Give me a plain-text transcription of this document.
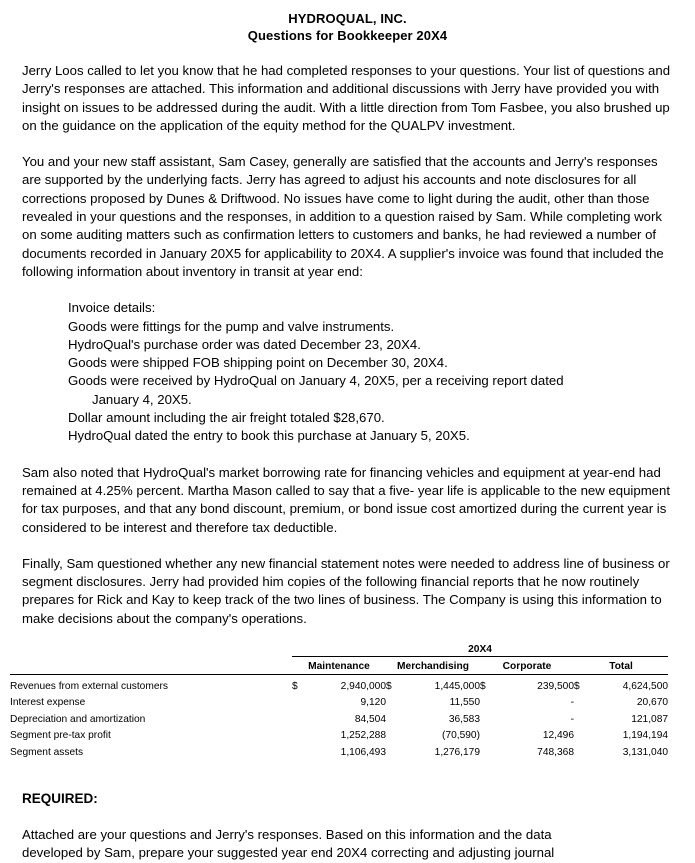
HYDROQUAL, INC.
Questions for Bookkeeper 20X4

Jerry Loos called to let you know that he had completed responses to your questions. Your list of questions and Jerry's responses are attached. This information and additional discussions with Jerry have provided you with insight on issues to be addressed during the audit. With a little direction from Tom Fasbee, you also brushed up on the guidance on the application of the equity method for the QUALPV investment.

You and your new staff assistant, Sam Casey, generally are satisfied that the accounts and Jerry's responses are supported by the underlying facts. Jerry has agreed to adjust his accounts and note disclosures for all corrections proposed by Dunes & Driftwood. No issues have come to light during the audit, other than those revealed in your questions and the responses, in addition to a question raised by Sam. While completing work on some auditing matters such as confirmation letters to customers and banks, he had reviewed a number of documents recorded in January 20X5 for applicability to 20X4. A supplier's invoice was found that included the following information about inventory in transit at year end:

Invoice details:
Goods were fittings for the pump and valve instruments.
HydroQual's purchase order was dated December 23, 20X4.
Goods were shipped FOB shipping point on December 30, 20X4.
Goods were received by HydroQual on January 4, 20X5, per a receiving report dated
January 4, 20X5.
Dollar amount including the air freight totaled $28,670.
HydroQual dated the entry to book this purchase at January 5, 20X5.

Sam also noted that HydroQual's market borrowing rate for financing vehicles and equipment at year-end had remained at 4.25% percent. Martha Mason called to say that a five- year life is applicable to the new equipment for tax purposes, and that any bond discount, premium, or bond issue cost amortized during the current year is considered to be interest and therefore tax deductible.

Finally, Sam questioned whether any new financial statement notes were needed to address line of business or segment disclosures. Jerry had provided him copies of the following financial reports that he now routinely prepares for Rick and Kay to keep track of the two lines of business. The Company is using this information to make decisions about the company's operations.

	20X4							
	Maintenance		Merchandising		Corporate		Total	
Revenues from external customers	$	2,940,000	$	1,445,000	$	239,500	$	4,624,500
Interest expense		9,120		11,550		-		20,670
Depreciation and amortization		84,504		36,583		-		121,087
Segment pre-tax profit		1,252,288		(70,590)		12,496		1,194,194
Segment assets		1,106,493		1,276,179		748,368		3,131,040
REQUIRED:

Attached are your questions and Jerry's responses. Based on this information and the data

developed by Sam, prepare your suggested year end 20X4 correcting and adjusting journal
